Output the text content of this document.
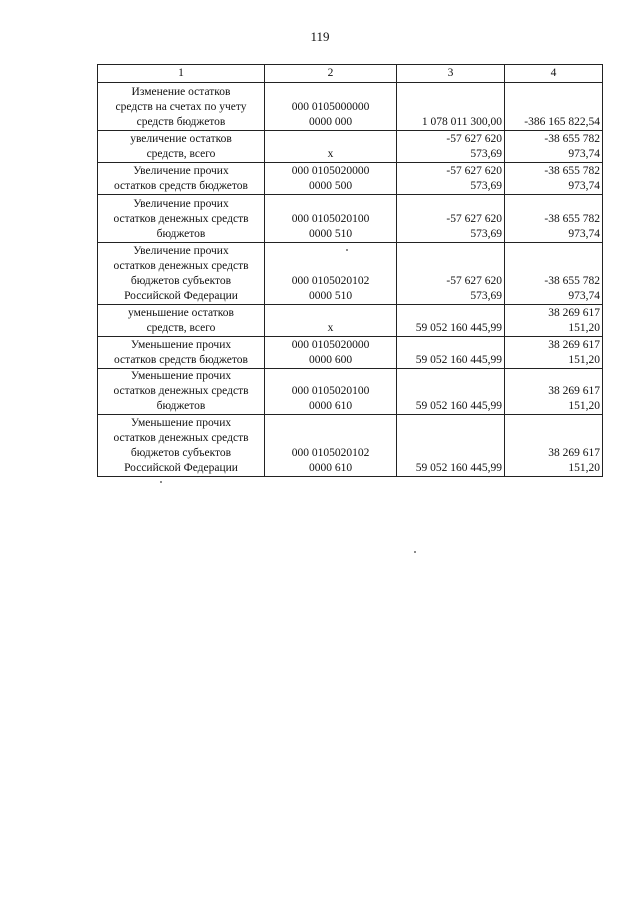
119
1	2	3	4
Изменение остатков
средств на счетах по учету
средств бюджетов	000 0105000000
0000 000	1 078 011 300,00	-386 165 822,54
увеличение остатков
средств, всего	x	-57 627 620
573,69	-38 655 782
973,74
Увеличение прочих
остатков средств бюджетов	000 0105020000
0000 500	-57 627 620
573,69	-38 655 782
973,74
Увеличение прочих
остатков денежных средств
бюджетов	000 0105020100
0000 510	-57 627 620
573,69	-38 655 782
973,74
Увеличение прочих
остатков денежных средств
бюджетов субъектов
Российской Федерации	000 0105020102
0000 510	-57 627 620
573,69	-38 655 782
973,74
уменьшение остатков
средств, всего	x	59 052 160 445,99	38 269 617
151,20
Уменьшение прочих
остатков средств бюджетов	000 0105020000
0000 600	59 052 160 445,99	38 269 617
151,20
Уменьшение прочих
остатков денежных средств
бюджетов	000 0105020100
0000 610	59 052 160 445,99	38 269 617
151,20
Уменьшение прочих
остатков денежных средств
бюджетов субъектов
Российской Федерации	000 0105020102
0000 610	59 052 160 445,99	38 269 617
151,20
